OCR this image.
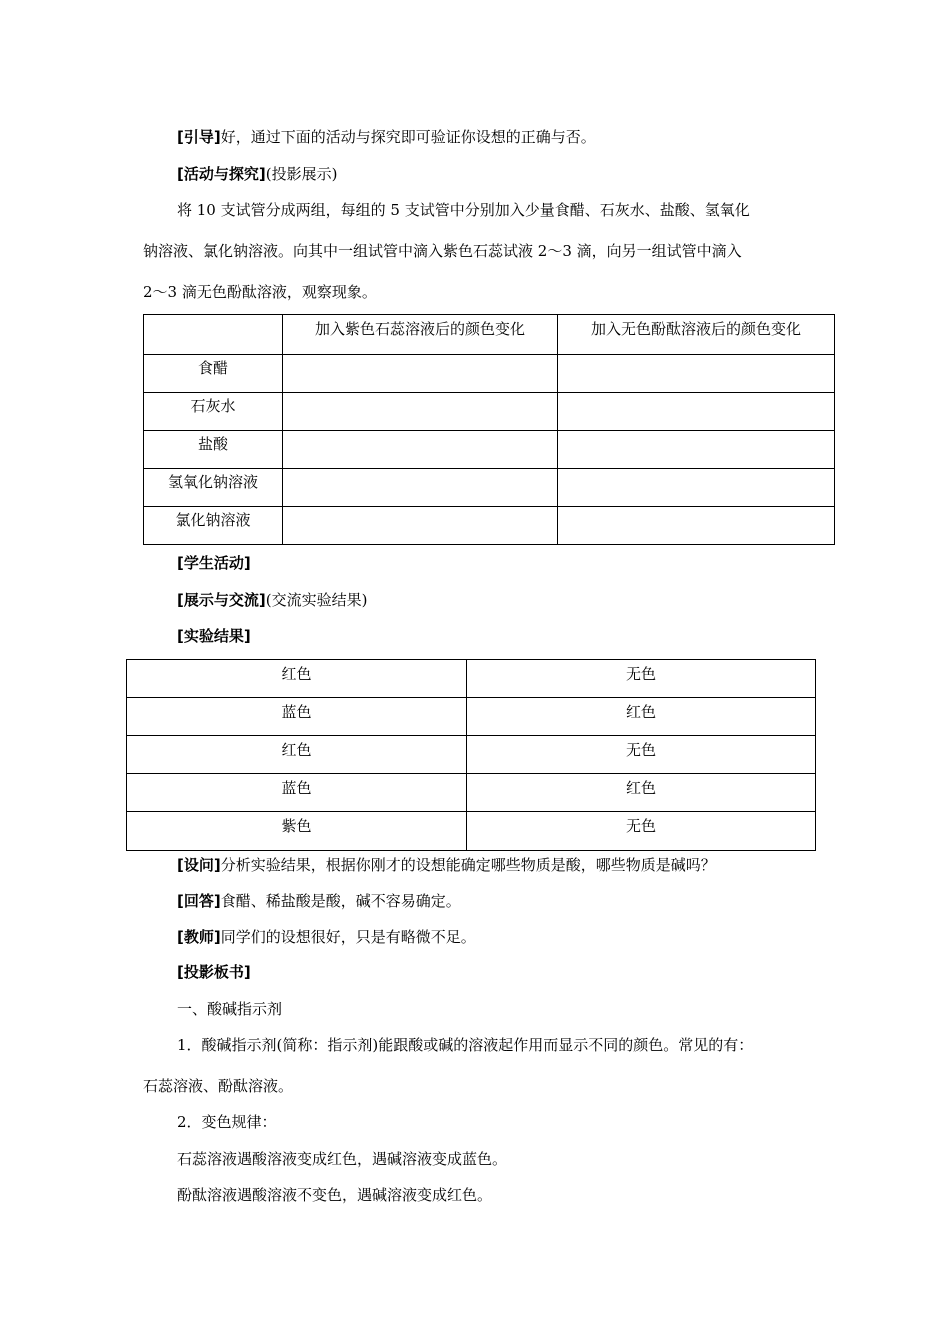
[引导]好，通过下面的活动与探究即可验证你设想的正确与否。
[活动与探究](投影展示)
将 10 支试管分成两组，每组的 5 支试管中分别加入少量食醋、石灰水、盐酸、氢氧化
钠溶液、氯化钠溶液。向其中一组试管中滴入紫色石蕊试液 2～3 滴，向另一组试管中滴入
2～3 滴无色酚酞溶液，观察现象。
	加入紫色石蕊溶液后的颜色变化	加入无色酚酞溶液后的颜色变化
食醋		
石灰水		
盐酸		
氢氧化钠溶液		
氯化钠溶液		
[学生活动]
[展示与交流](交流实验结果)
[实验结果]
红色	无色
蓝色	红色
红色	无色
蓝色	红色
紫色	无色
[设问]分析实验结果，根据你刚才的设想能确定哪些物质是酸，哪些物质是碱吗？
[回答]食醋、稀盐酸是酸，碱不容易确定。
[教师]同学们的设想很好，只是有略微不足。
[投影板书]
一、酸碱指示剂
1．酸碱指示剂(简称：指示剂)能跟酸或碱的溶液起作用而显示不同的颜色。常见的有：
石蕊溶液、酚酞溶液。
2．变色规律：
石蕊溶液遇酸溶液变成红色，遇碱溶液变成蓝色。
酚酞溶液遇酸溶液不变色，遇碱溶液变成红色。
